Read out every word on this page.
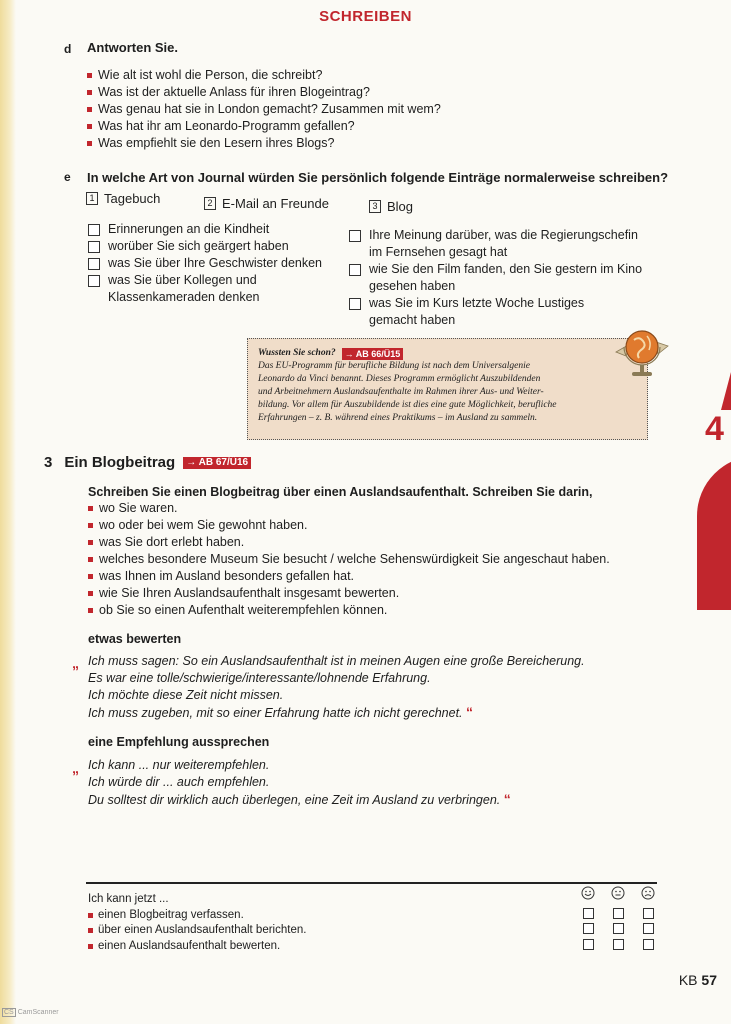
4
SCHREIBEN
d Antworten Sie.
Wie alt ist wohl die Person, die schreibt?
Was ist der aktuelle Anlass für ihren Blogeintrag?
Was genau hat sie in London gemacht? Zusammen mit wem?
Was hat ihr am Leonardo-Programm gefallen?
Was empfiehlt sie den Lesern ihres Blogs?
e In welche Art von Journal würden Sie persönlich folgende Einträge normalerweise schreiben?
1 Tagebuch	2 E-Mail an Freunde	3 Blog
Erinnerungen an die Kindheit
worüber Sie sich geärgert haben
was Sie über Ihre Geschwister denken
was Sie über Kollegen und
Klassenkameraden denken
Ihre Meinung darüber, was die Regierungschefin
im Fernsehen gesagt hat
wie Sie den Film fanden, den Sie gestern im Kino
gesehen haben
was Sie im Kurs letzte Woche Lustiges
gemacht haben
Wussten Sie schon?	→ AB 66/Ü15
Das EU-Programm für berufliche Bildung ist nach dem Universalgenie
Leonardo da Vinci benannt. Dieses Programm ermöglicht Auszubildenden
und Arbeitnehmern Auslandsaufenthalte im Rahmen ihrer Aus- und Weiter-
bildung. Vor allem für Auszubildende ist dies eine gute Möglichkeit, berufliche
Erfahrungen – z. B. während eines Praktikums – im Ausland zu sammeln.
3 Ein Blogbeitrag	→ AB 67/Ü16
Schreiben Sie einen Blogbeitrag über einen Auslandsaufenthalt. Schreiben Sie darin,
wo Sie waren.
wo oder bei wem Sie gewohnt haben.
was Sie dort erlebt haben.
welches besondere Museum Sie besucht / welche Sehenswürdigkeit Sie angeschaut haben.
was Ihnen im Ausland besonders gefallen hat.
wie Sie Ihren Auslandsaufenthalt insgesamt bewerten.
ob Sie so einen Aufenthalt weiterempfehlen können.
etwas bewerten
„ Ich muss sagen: So ein Auslandsaufenthalt ist in meinen Augen eine große Bereicherung.
Es war eine tolle/schwierige/interessante/lohnende Erfahrung.
Ich möchte diese Zeit nicht missen.
Ich muss zugeben, mit so einer Erfahrung hatte ich nicht gerechnet. “
eine Empfehlung aussprechen
„ Ich kann ... nur weiterempfehlen.
Ich würde dir ... auch empfehlen.
Du solltest dir wirklich auch überlegen, eine Zeit im Ausland zu verbringen. “
Ich kann jetzt ...
einen Blogbeitrag verfassen.
über einen Auslandsaufenthalt berichten.
einen Auslandsaufenthalt bewerten.
KB 57
CS CamScanner
